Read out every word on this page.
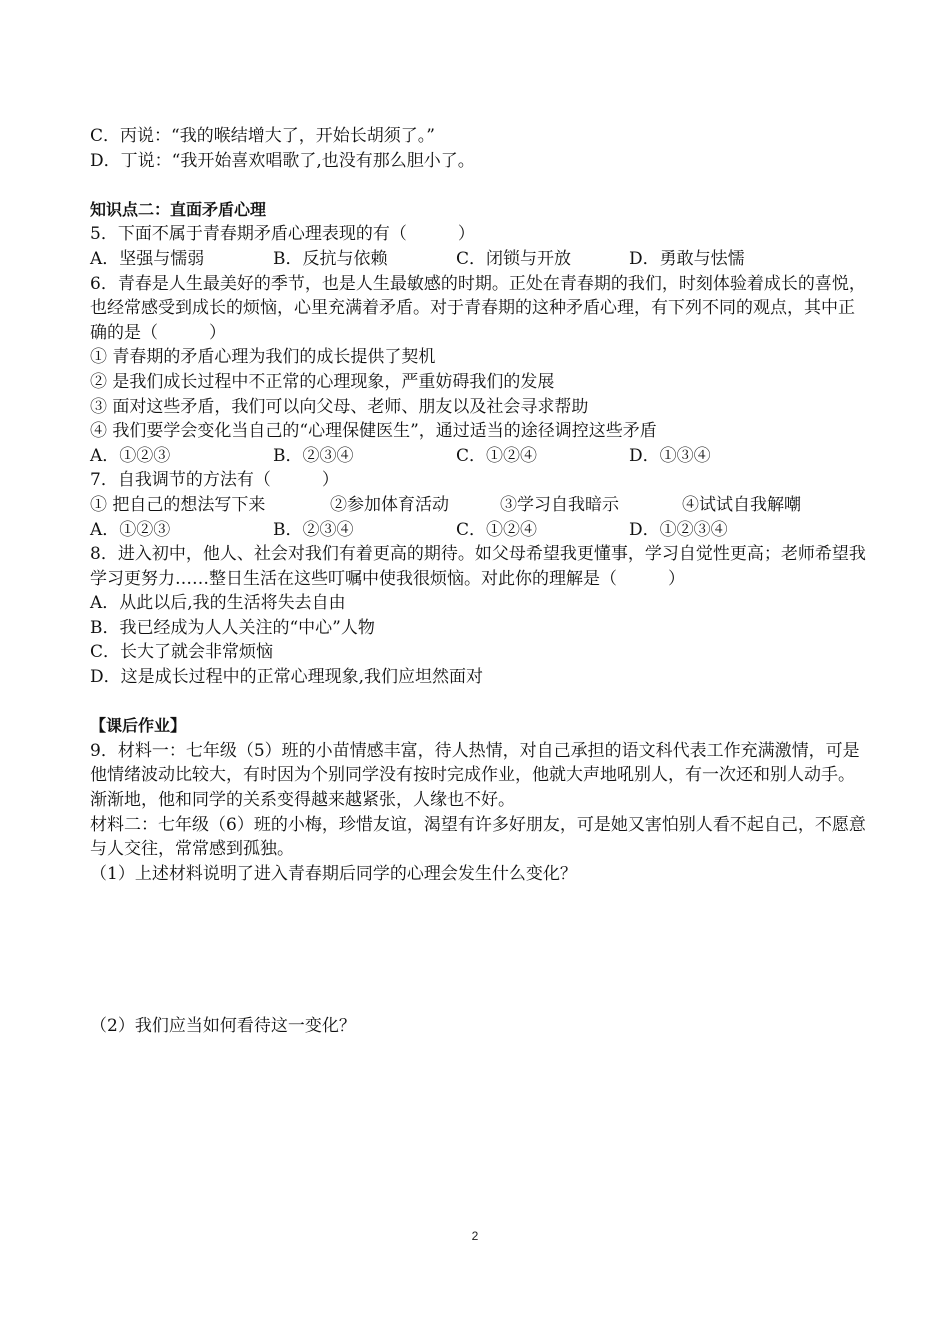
C．丙说：“我的喉结增大了，开始长胡须了。”
D．丁说：“我开始喜欢唱歌了,也没有那么胆小了。
知识点二：直面矛盾心理
5．下面不属于青春期矛盾心理表现的有（　　　）
A．坚强与懦弱	B．反抗与依赖	C．闭锁与开放	D．勇敢与怯懦
6．青春是人生最美好的季节，也是人生最敏感的时期。正处在青春期的我们，时刻体验着成长的喜悦，也经常感受到成长的烦恼，心里充满着矛盾。对于青春期的这种矛盾心理，有下列不同的观点，其中正确的是（　　　）
① 青春期的矛盾心理为我们的成长提供了契机
② 是我们成长过程中不正常的心理现象，严重妨碍我们的发展
③ 面对这些矛盾，我们可以向父母、老师、朋友以及社会寻求帮助
④ 我们要学会变化当自己的“心理保健医生”，通过适当的途径调控这些矛盾
A．①②③	B．②③④	C．①②④	D．①③④
7．自我调节的方法有（　　　）
① 把自己的想法写下来	②参加体育活动	③学习自我暗示	④试试自我解嘲
A．①②③	B．②③④	C．①②④	D．①②③④
8．进入初中，他人、社会对我们有着更高的期待。如父母希望我更懂事，学习自觉性更高；老师希望我学习更努力……整日生活在这些叮嘱中使我很烦恼。对此你的理解是（　　　）
A．从此以后,我的生活将失去自由
B．我已经成为人人关注的“中心”人物
C．长大了就会非常烦恼
D．这是成长过程中的正常心理现象,我们应坦然面对
【课后作业】
9．材料一：七年级（5）班的小苗情感丰富，待人热情，对自己承担的语文科代表工作充满激情，可是他情绪波动比较大，有时因为个别同学没有按时完成作业，他就大声地吼别人，有一次还和别人动手。渐渐地，他和同学的关系变得越来越紧张，人缘也不好。
材料二：七年级（6）班的小梅，珍惜友谊，渴望有许多好朋友，可是她又害怕别人看不起自己，不愿意与人交往，常常感到孤独。
（1）上述材料说明了进入青春期后同学的心理会发生什么变化？
（2）我们应当如何看待这一变化？
2
